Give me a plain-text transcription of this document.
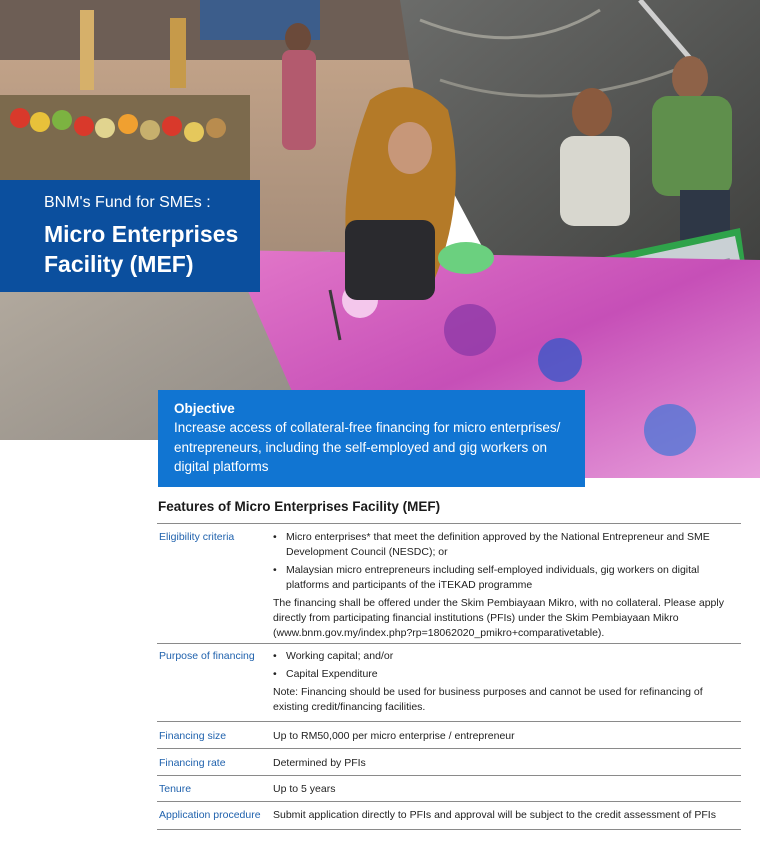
BNM's Fund for SMEs :
Micro Enterprises
Facility (MEF)
Objective
Increase access of collateral-free financing for micro enterprises/ entrepreneurs, including the self-employed and gig workers on digital platforms
Features of Micro Enterprises Facility (MEF)
Eligibility criteria	• Micro enterprises* that meet the definition approved by the National Entrepreneur and SME Development Council (NESDC); or
• Malaysian micro entrepreneurs including self-employed individuals, gig workers on digital platforms and participants of the iTEKAD programme
The financing shall be offered under the Skim Pembiayaan Mikro, with no collateral. Please apply directly from participating financial institutions (PFIs) under the Skim Pembiayaan Mikro (www.bnm.gov.my/index.php?rp=18062020_pmikro+comparativetable).
Purpose of financing	• Working capital; and/or
• Capital Expenditure
Note: Financing should be used for business purposes and cannot be used for refinancing of existing credit/financing facilities.
Financing size	Up to RM50,000 per micro enterprise / entrepreneur
Financing rate	Determined by PFIs
Tenure	Up to 5 years
Application procedure Submit application directly to PFIs and approval will be subject to the credit assessment of PFIs
